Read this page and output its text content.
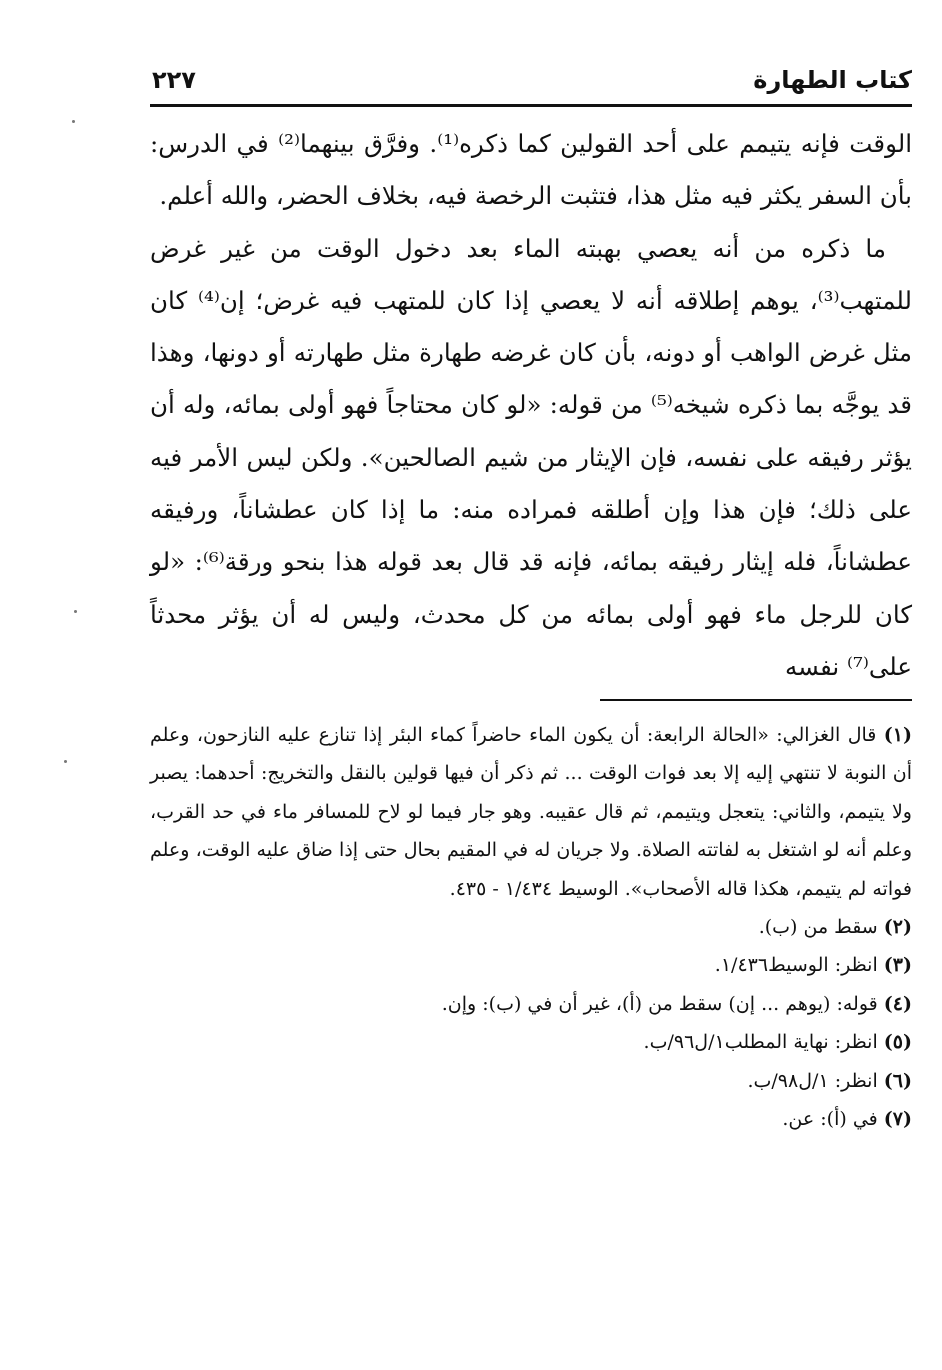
كتاب الطهارة
٢٢٧

الوقت فإنه يتيمم على أحد القولين كما ذكره⁽¹⁾. وفرَّق بينهما⁽²⁾ في الدرس: بأن السفر يكثر فيه مثل هذا، فتثبت الرخصة فيه، بخلاف الحضر، والله أعلم.

ما ذكره من أنه يعصي بهبته الماء بعد دخول الوقت من غير غرض للمتهب⁽³⁾، يوهم إطلاقه أنه لا يعصي إذا كان للمتهب فيه غرض؛ إن⁽⁴⁾ كان مثل غرض الواهب أو دونه، بأن كان غرضه طهارة مثل طهارته أو دونها، وهذا قد يوجَّه بما ذكره شيخه⁽⁵⁾ من قوله: «لو كان محتاجاً فهو أولى بمائه، وله أن يؤثر رفيقه على نفسه، فإن الإيثار من شيم الصالحين». ولكن ليس الأمر فيه على ذلك؛ فإن هذا وإن أطلقه فمراده منه: ما إذا كان عطشاناً، ورفيقه عطشاناً، فله إيثار رفيقه بمائه، فإنه قد قال بعد قوله هذا بنحو ورقة⁽⁶⁾: «لو كان للرجل ماء فهو أولى بمائه من كل محدث، وليس له أن يؤثر محدثاً على⁽⁷⁾ نفسه

(١) قال الغزالي: «الحالة الرابعة: أن يكون الماء حاضراً كماء البئر إذا تنازع عليه النازحون، وعلم أن النوبة لا تنتهي إليه إلا بعد فوات الوقت ... ثم ذكر أن فيها قولين بالنقل والتخريج: أحدهما: يصبر ولا يتيمم، والثاني: يتعجل ويتيمم، ثم قال عقيبه. وهو جار فيما لو لاح للمسافر ماء في حد القرب، وعلم أنه لو اشتغل به لفاتته الصلاة. ولا جريان له في المقيم بحال حتى إذا ضاق عليه الوقت، وعلم فواته لم يتيمم، هكذا قاله الأصحاب». الوسيط ١/٤٣٤ - ٤٣٥.

(٢) سقط من (ب).

(٣) انظر: الوسيط١/٤٣٦.

(٤) قوله: (يوهم ... إن) سقط من (أ)، غير أن في (ب): وإن.

(٥) انظر: نهاية المطلب١/ل٩٦/ب.

(٦) انظر: ١/ل٩٨/ب.

(٧) في (أ): عن.
